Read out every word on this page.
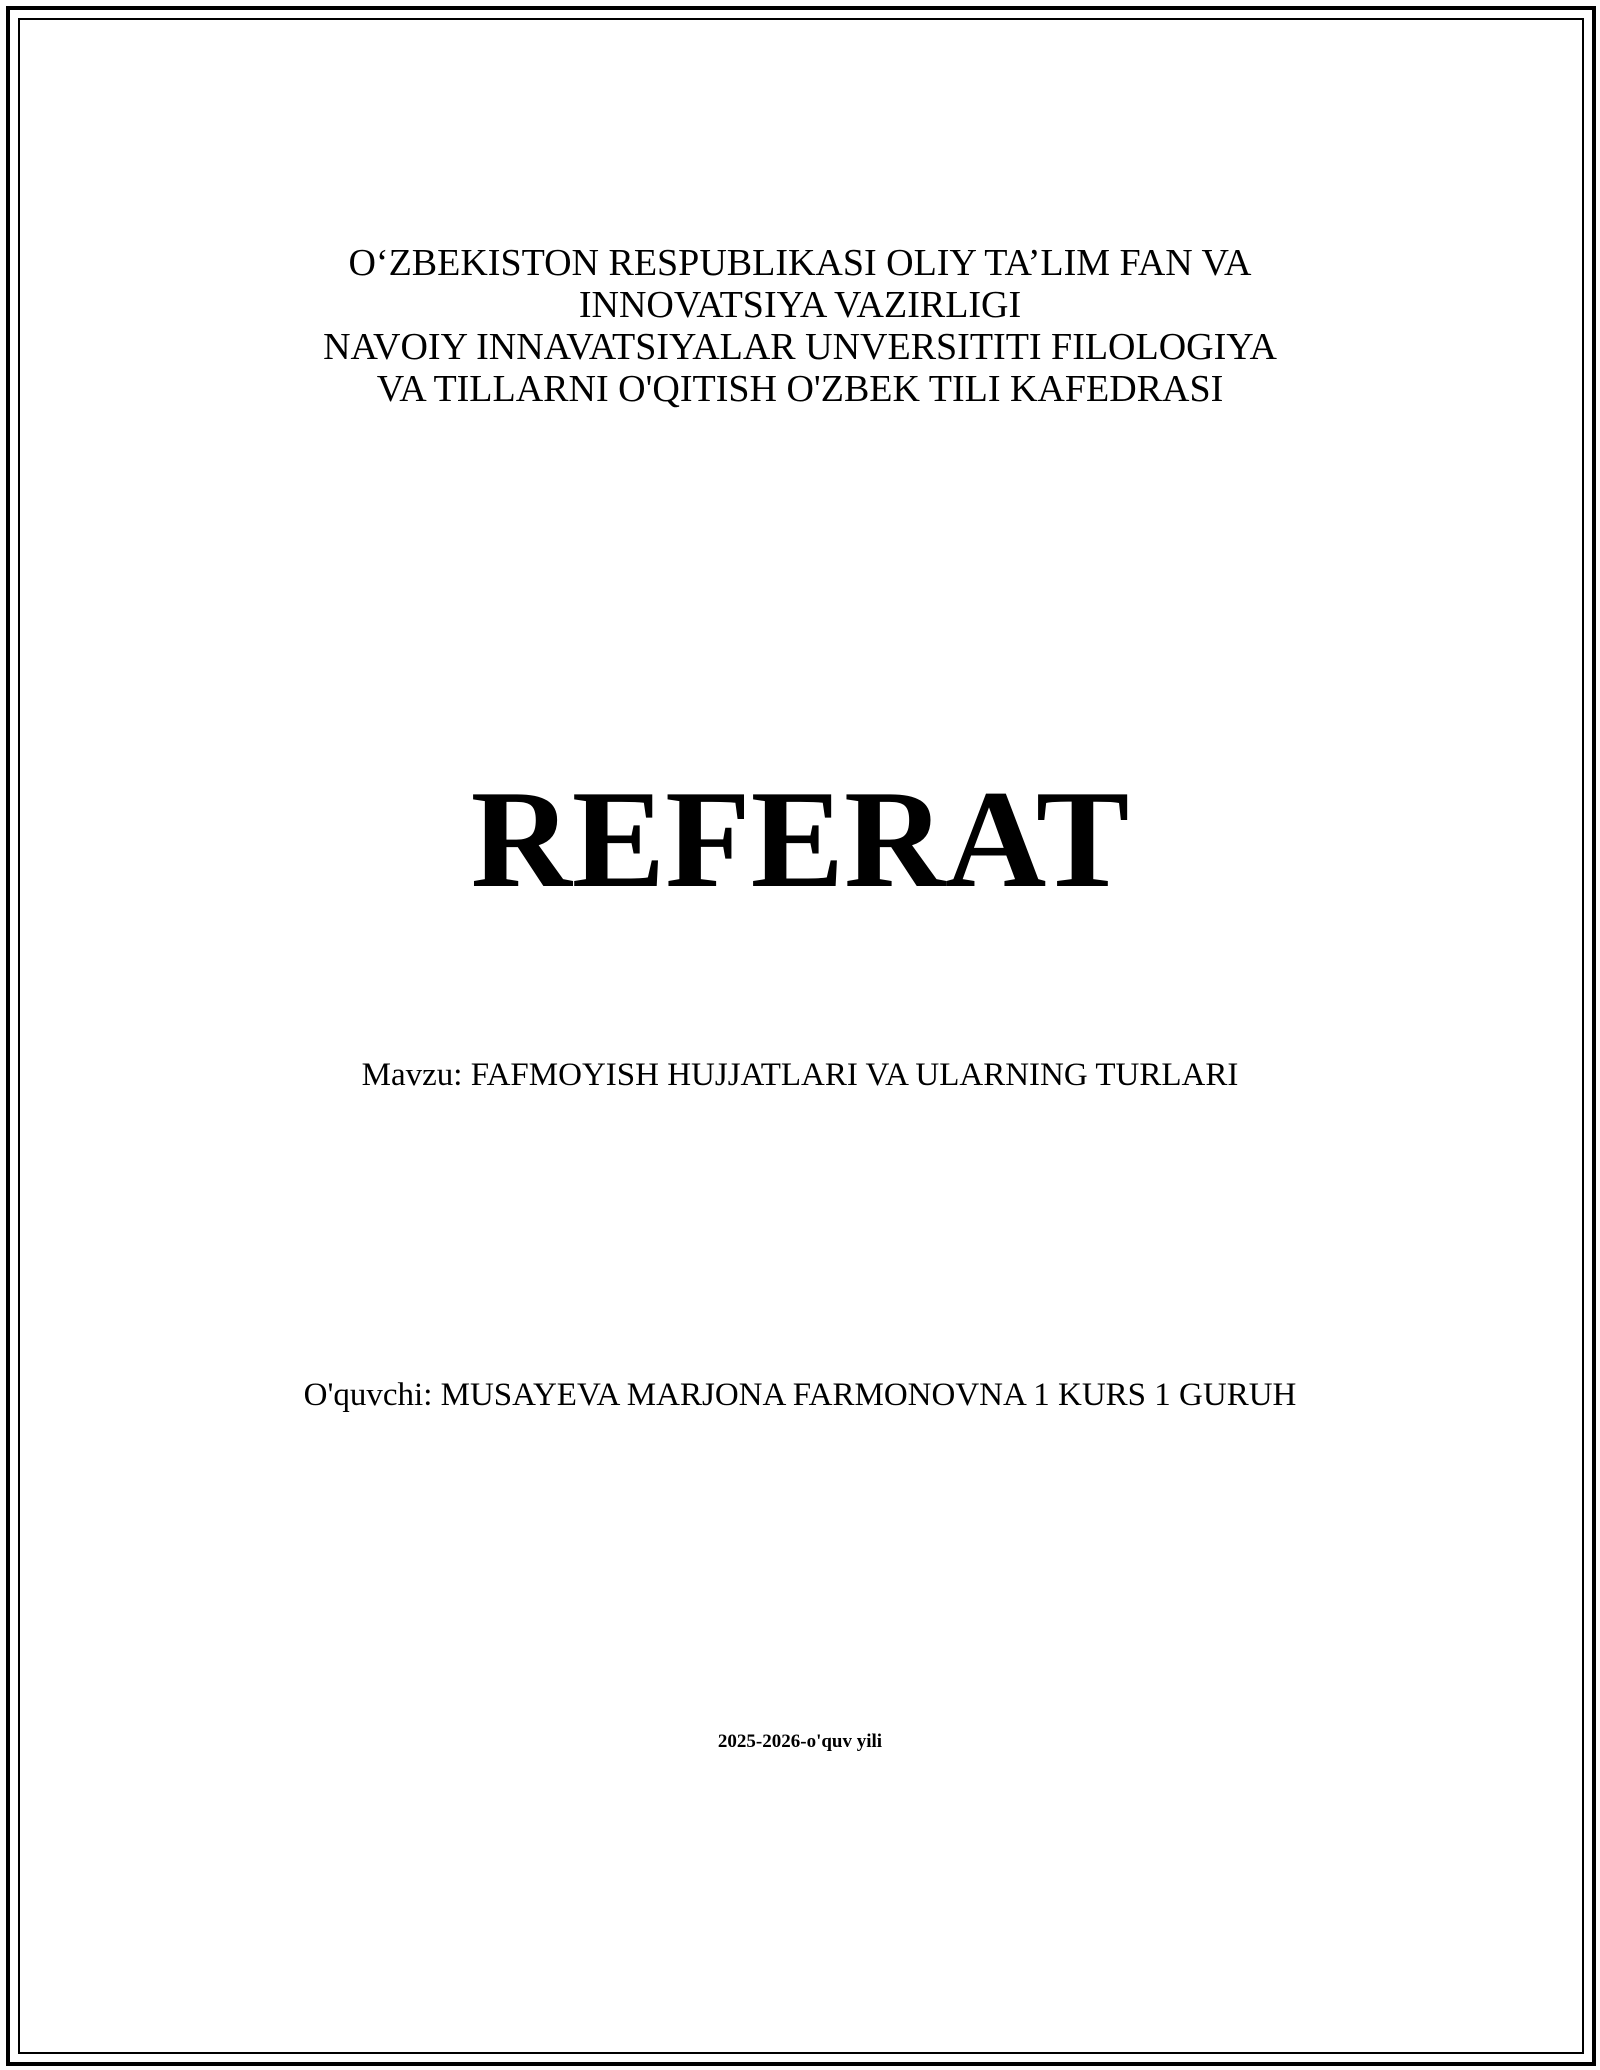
O‘ZBEKISTON RESPUBLIKASI OLIY TA’LIM FAN VA
INNOVATSIYA VAZIRLIGI
NAVOIY INNAVATSIYALAR UNVERSITITI FILOLOGIYA
VA TILLARNI O'QITISH O'ZBEK TILI KAFEDRASI
REFERAT
Mavzu: FAFMOYISH HUJJATLARI VA ULARNING TURLARI
O'quvchi: MUSAYEVA MARJONA FARMONOVNA 1 KURS 1 GURUH
2025-2026-o'quv yili
